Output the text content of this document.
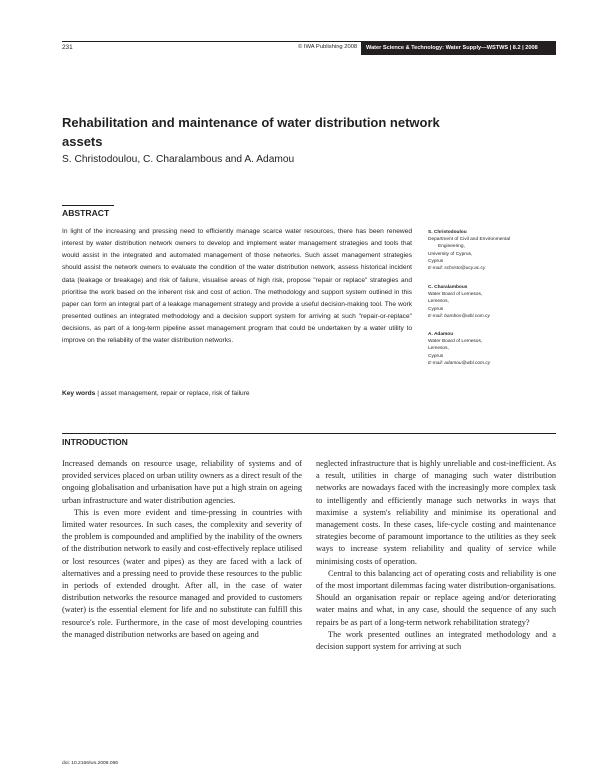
231	© IWA Publishing 2008 Water Science & Technology: Water Supply—WSTWS | 8.2 | 2008
Rehabilitation and maintenance of water distribution network assets
S. Christodoulou, C. Charalambous and A. Adamou
ABSTRACT
In light of the increasing and pressing need to efficiently manage scarce water resources, there has been renewed interest by water distribution network owners to develop and implement water management strategies and tools that would assist in the integrated and automated management of those networks. Such asset management strategies should assist the network owners to evaluate the condition of the water distribution network, assess historical incident data (leakage or breakage) and risk of failure, visualise areas of high risk, propose "repair or replace" strategies and prioritise the work based on the inherent risk and cost of action. The methodology and support system outlined in this paper can form an integral part of a leakage management strategy and provide a useful decision-making tool. The work presented outlines an integrated methodology and a decision support system for arriving at such "repair-or-replace" decisions, as part of a long-term pipeline asset management program that could be undertaken by a water utility to improve on the reliability of the water distribution networks.
Key words | asset management, repair or replace, risk of failure
S. Christodoulou
Department of Civil and Environmental
Engineering,
University of Cyprus,
Cyprus
E-mail: schristo@ucy.ac.cy
C. Charalambous
Water Board of Lemesos,
Lemesos,
Cyprus
E-mail: bambos@wbl.com.cy
A. Adamou
Water Board of Lemesos,
Lemesos,
Cyprus
E-mail: adamou@wbl.com.cy
INTRODUCTION

Increased demands on resource usage, reliability of systems and of provided services placed on urban utility owners as a direct result of the ongoing globalisation and urbanisation have put a high strain on ageing urban infrastructure and water distribution agencies.

This is even more evident and time-pressing in countries with limited water resources. In such cases, the complexity and severity of the problem is compounded and amplified by the inability of the owners of the distribution network to easily and cost-effectively replace utilised or lost resources (water and pipes) as they are faced with a lack of alternatives and a pressing need to provide these resources to the public in periods of extended drought. After all, in the case of water distribution networks the resource managed and provided to customers (water) is the essential element for life and no substitute can fulfill this resource's role. Furthermore, in the case of most developing countries the managed distribution networks are based on ageing and

neglected infrastructure that is highly unreliable and cost-inefficient. As a result, utilities in charge of managing such water distribution networks are nowadays faced with the increasingly more complex task to intelligently and efficiently manage such networks in ways that maximise a system's reliability and minimise its operational and management costs. In these cases, life-cycle costing and maintenance strategies become of paramount importance to the utilities as they seek ways to increase system reliability and quality of service while minimising costs of operation.

Central to this balancing act of operating costs and reliability is one of the most important dilemmas facing water distribution-organisations. Should an organisation repair or replace ageing and/or deteriorating water mains and what, in any case, should the sequence of any such repairs be as part of a long-term network rehabilitation strategy?

The work presented outlines an integrated methodology and a decision support system for arriving at such

doi: 10.2166/ws.2008.066
